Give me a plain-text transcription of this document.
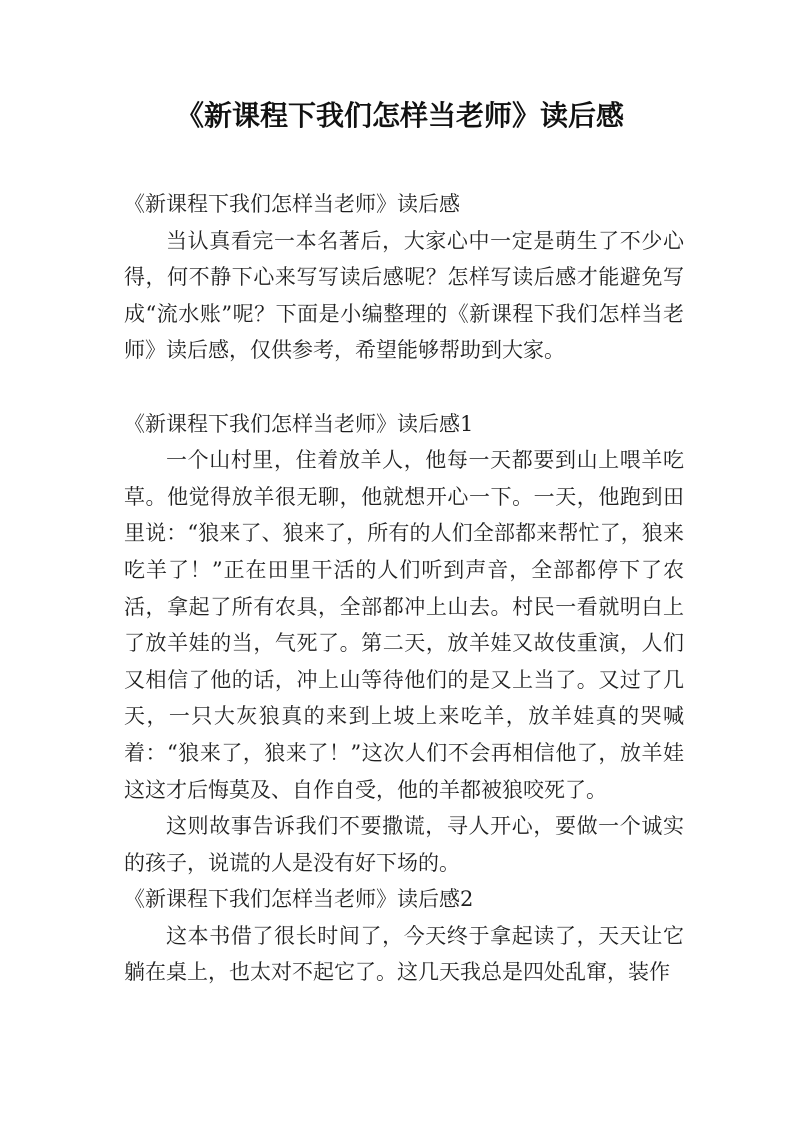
《新课程下我们怎样当老师》读后感

《新课程下我们怎样当老师》读后感

当认真看完一本名著后，大家心中一定是萌生了不少心得，何不静下心来写写读后感呢？怎样写读后感才能避免写成“流水账”呢？下面是小编整理的《新课程下我们怎样当老师》读后感，仅供参考，希望能够帮助到大家。

《新课程下我们怎样当老师》读后感1

一个山村里，住着放羊人，他每一天都要到山上喂羊吃草。他觉得放羊很无聊，他就想开心一下。一天，他跑到田里说：“狼来了、狼来了，所有的人们全部都来帮忙了，狼来吃羊了！”正在田里干活的人们听到声音，全部都停下了农活，拿起了所有农具，全部都冲上山去。村民一看就明白上了放羊娃的当，气死了。第二天，放羊娃又故伎重演，人们又相信了他的话，冲上山等待他们的是又上当了。又过了几天，一只大灰狼真的来到上坡上来吃羊，放羊娃真的哭喊着：“狼来了，狼来了！”这次人们不会再相信他了，放羊娃这这才后悔莫及、自作自受，他的羊都被狼咬死了。

这则故事告诉我们不要撒谎，寻人开心，要做一个诚实的孩子，说谎的人是没有好下场的。

《新课程下我们怎样当老师》读后感2

这本书借了很长时间了，今天终于拿起读了，天天让它躺在桌上，也太对不起它了。这几天我总是四处乱窜，装作
